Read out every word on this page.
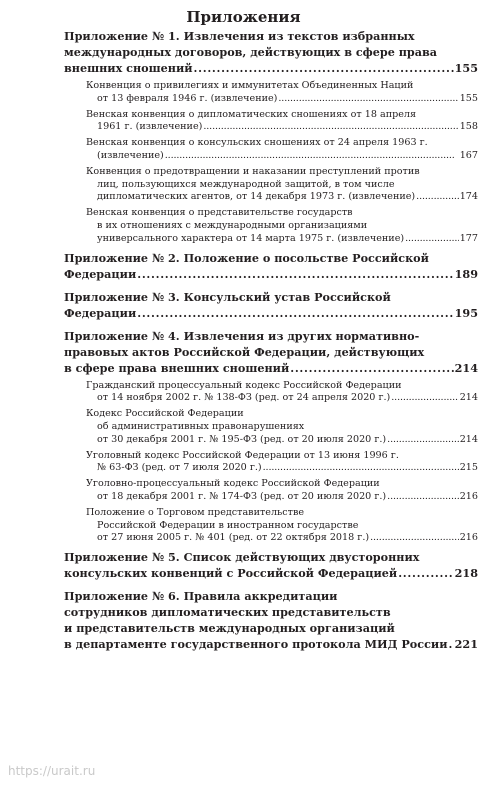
Приложения
Приложение № 1. Извлечения из текстов избранных
международных договоров, действующих в сфере права
внешних сношений . . .	155
Конвенция о привилегиях и иммунитетах Объединенных Наций
от 13 февраля 1946 г. (извлечение) . . .	155
Венская конвенция о дипломатических сношениях от 18 апреля
1961 г. (извлечение) . . .	158
Венская конвенция о консульских сношениях от 24 апреля 1963 г.
(извлечение) . . .	167
Конвенция о предотвращении и наказании преступлений против
лиц, пользующихся международной защитой, в том числе
дипломатических агентов, от 14 декабря 1973 г. (извлечение) . . .	174
Венская конвенция о представительстве государств
в их отношениях с международными организациями
универсального характера от 14 марта 1975 г. (извлечение) . . .	177
Приложение № 2. Положение о посольстве Российской
Федерации . . .	189
Приложение № 3. Консульский устав Российской
Федерации . . .	195
Приложение № 4. Извлечения из других нормативно-
правовых актов Российской Федерации, действующих
в сфере права внешних сношений . . .	214
Гражданский процессуальный кодекс Российской Федерации
от 14 ноября 2002 г. № 138-ФЗ (ред. от 24 апреля 2020 г.) . . .	214
Кодекс Российской Федерации
об административных правонарушениях
от 30 декабря 2001 г. № 195-ФЗ (ред. от 20 июля 2020 г.) . . .	214
Уголовный кодекс Российской Федерации от 13 июня 1996 г.
№ 63-ФЗ (ред. от 7 июля 2020 г.) . . .	215
Уголовно-процессуальный кодекс Российской Федерации
от 18 декабря 2001 г. № 174-ФЗ (ред. от 20 июля 2020 г.) . . .	216
Положение о Торговом представительстве
Российской Федерации в иностранном государстве
от 27 июня 2005 г. № 401 (ред. от 22 октября 2018 г.) . . .	216
Приложение № 5. Список действующих двусторонних
консульских конвенций с Российской Федерацией . . .	218
Приложение № 6. Правила аккредитации
сотрудников дипломатических представительств
и представительств международных организаций
в департаменте государственного протокола МИД России . . . 221
https://urait.ru
